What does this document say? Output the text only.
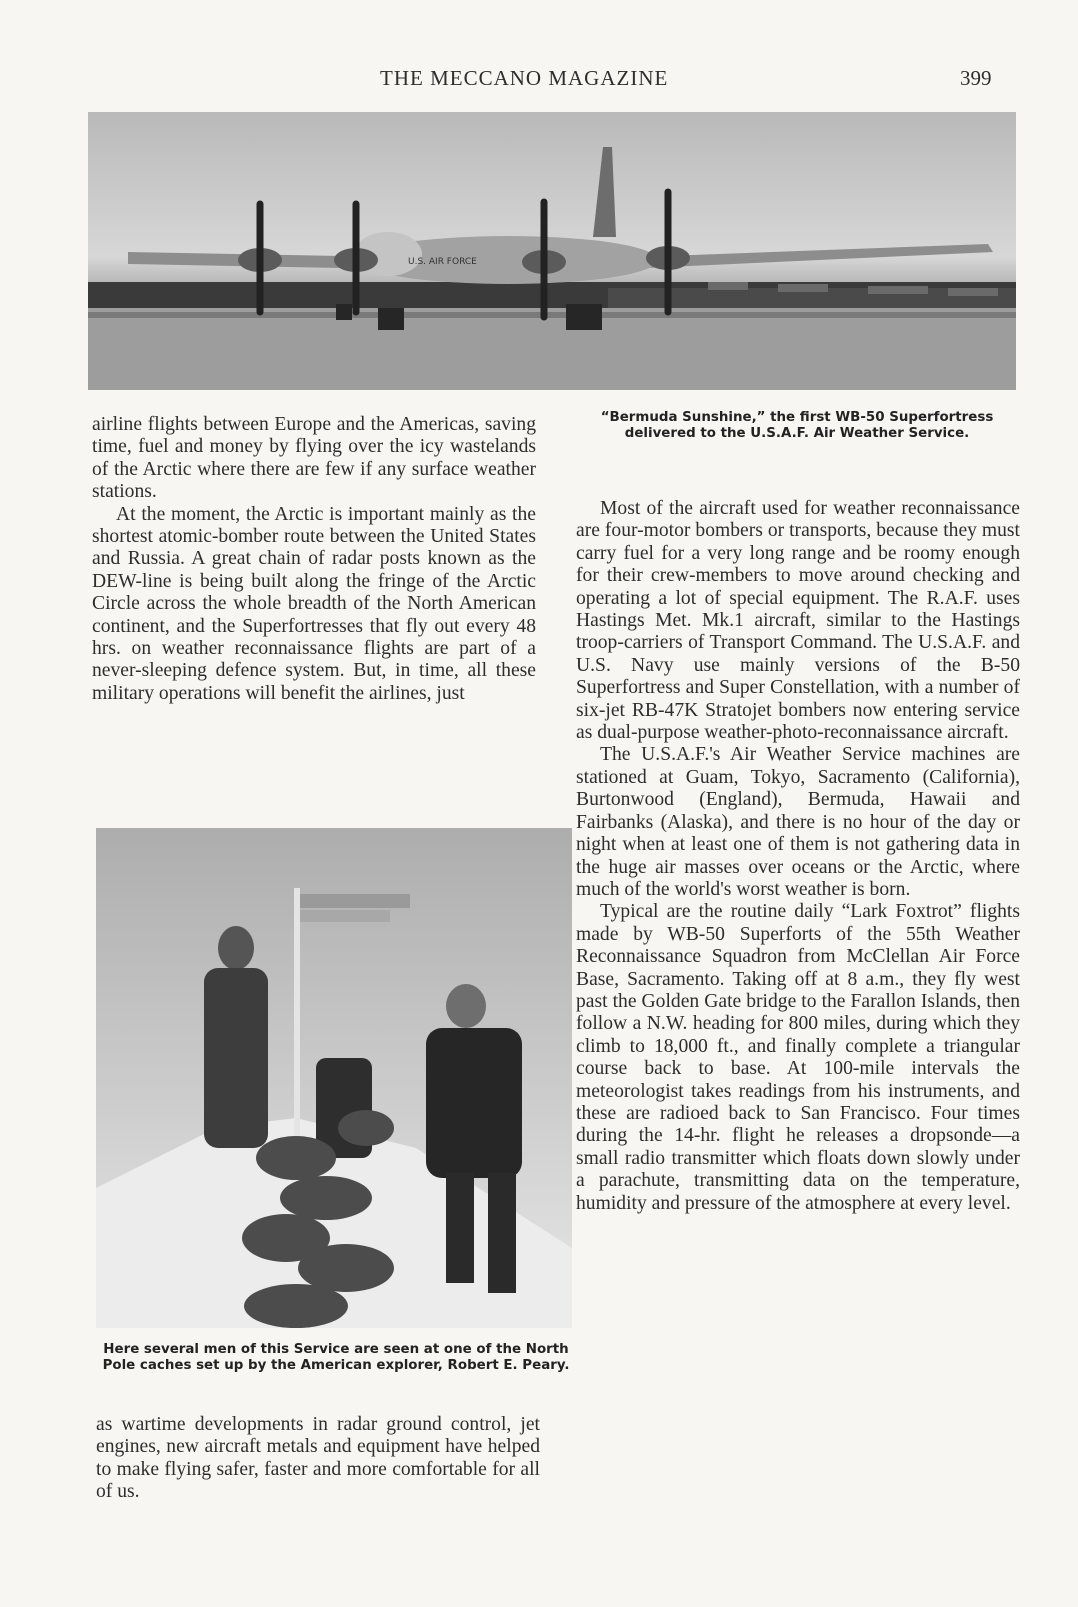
THE MECCANO MAGAZINE	399
U.S. AIR FORCE
“Bermuda Sunshine,” the first WB-50 Superfortress delivered to the U.S.A.F. Air Weather Service.

airline flights between Europe and the Americas, saving time, fuel and money by flying over the icy wastelands of the Arctic where there are few if any surface weather stations.

At the moment, the Arctic is important mainly as the shortest atomic-bomber route between the United States and Russia. A great chain of radar posts known as the DEW-line is being built along the fringe of the Arctic Circle across the whole breadth of the North American continent, and the Superfortresses that fly out every 48 hrs. on weather reconnaissance flights are part of a never-sleeping defence system. But, in time, all these military operations will benefit the airlines, just

Here several men of this Service are seen at one of the North Pole caches set up by the American explorer, Robert E. Peary.

as wartime developments in radar ground control, jet engines, new aircraft metals and equipment have helped to make flying safer, faster and more comfortable for all of us.

Most of the aircraft used for weather reconnaissance are four-motor bombers or transports, because they must carry fuel for a very long range and be roomy enough for their crew-members to move around checking and operating a lot of special equipment. The R.A.F. uses Hastings Met. Mk.1 aircraft, similar to the Hastings troop-carriers of Transport Command. The U.S.A.F. and U.S. Navy use mainly versions of the B-50 Superfortress and Super Constellation, with a number of six-jet RB-47K Stratojet bombers now entering service as dual-purpose weather-photo-reconnaissance aircraft.

The U.S.A.F.'s Air Weather Service machines are stationed at Guam, Tokyo, Sacramento (California), Burtonwood (England), Bermuda, Hawaii and Fairbanks (Alaska), and there is no hour of the day or night when at least one of them is not gathering data in the huge air masses over oceans or the Arctic, where much of the world's worst weather is born.

Typical are the routine daily “Lark Foxtrot” flights made by WB-50 Superforts of the 55th Weather Reconnaissance Squadron from McClellan Air Force Base, Sacramento. Taking off at 8 a.m., they fly west past the Golden Gate bridge to the Farallon Islands, then follow a N.W. heading for 800 miles, during which they climb to 18,000 ft., and finally complete a triangular course back to base. At 100-mile intervals the meteorologist takes readings from his instruments, and these are radioed back to San Francisco. Four times during the 14-hr. flight he releases a dropsonde—a small radio transmitter which floats down slowly under a parachute, transmitting data on the temperature, humidity and pressure of the atmosphere at every level.
